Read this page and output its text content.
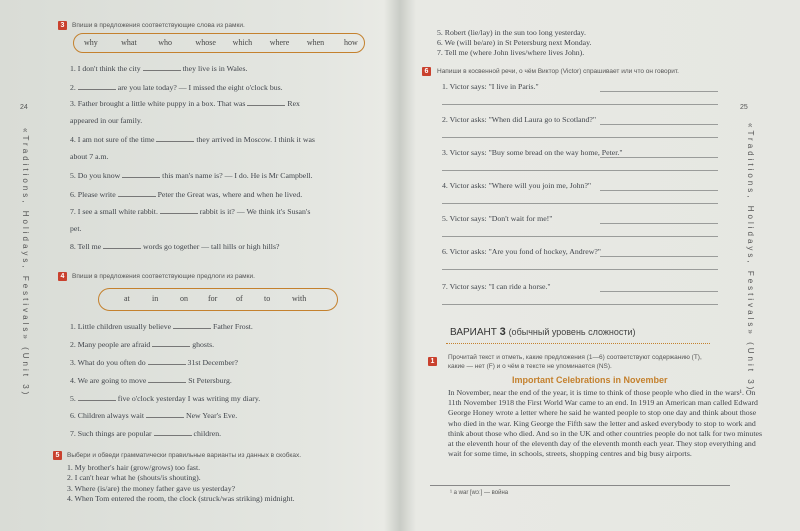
24
«Traditions, Holidays, Festivals» (Unit 3)
3	Впиши в предложения соответствующие слова из рамки.
why	what	who	whose which where when how
1. I don't think the city	they live is in Wales.
2.	are you late today? — I missed the eight o'clock bus.
3. Father brought a little white puppy in a box. That was	Rex
appeared in our family.
4. I am not sure of the time	they arrived in Moscow. I think it was
about 7 a.m.
5. Do you know	this man's name is? — I do. He is Mr Campbell.
6. Please write	Peter the Great was, where and when he lived.
7. I see a small white rabbit.	rabbit is it? — We think it's Susan's
pet.
8. Tell me	words go together — tall hills or high hills?
4	Впиши в предложения соответствующие предлоги из рамки.
at	in	on	for of	to	with
1. Little children usually believe	Father Frost.
2. Many people are afraid	ghosts.
3. What do you often do	31st December?
4. We are going to move	St Petersburg.
5.	five o'clock yesterday I was writing my diary.
6. Children always wait	New Year's Eve.
7. Such things are popular	children.
5	Выбери и обведи грамматически правильные варианты из данных в скобках.
1. My brother's hair (grow/grows) too fast.
2. I can't hear what he (shouts/is shouting).
3. Where (is/are) the money father gave us yesterday?
4. When Tom entered the room, the clock (struck/was striking) midnight.
25
«Traditions, Holidays, Festivals» (Unit 3)
5. Robert (lie/lay) in the sun too long yesterday.
6. We (will be/are) in St Petersburg next Monday.
7. Tell me (where John lives/where lives John).
6	Напиши в косвенной речи, о чём Виктор (Victor) спрашивает или что он говорит.
1. Victor says: "I live in Paris."
2. Victor asks: "When did Laura go to Scotland?"
3. Victor says: "Buy some bread on the way home, Peter."
4. Victor asks: "Where will you join me, John?"
5. Victor says: "Don't wait for me!"
6. Victor asks: "Are you fond of hockey, Andrew?"
7. Victor says: "I can ride a horse."
ВАРИАНТ 3 (обычный уровень сложности)
1
Прочитай текст и отметь, какие предложения (1—6) соответствуют содержанию (T),
какие — нет (F) и о чём в тексте не упоминается (NS).
Important Celebrations in November
In November, near the end of the year, it is time to think of those people who died in the wars¹. On 11th November 1918 the First World War came to an end. In 1919 an American man called Edward George Honey wrote a letter where he said he wanted people to stop one day and think about those who died in the war. King George the Fifth saw the letter and asked everybody to stop to work and think about those who died. And so in the UK and other countries people do not talk for two minutes at the eleventh hour of the eleventh day of the eleventh month each year. They stop everything and wait for some time, in schools, streets, shopping centres and big busy airports.
¹ a war [wɔː] — война
